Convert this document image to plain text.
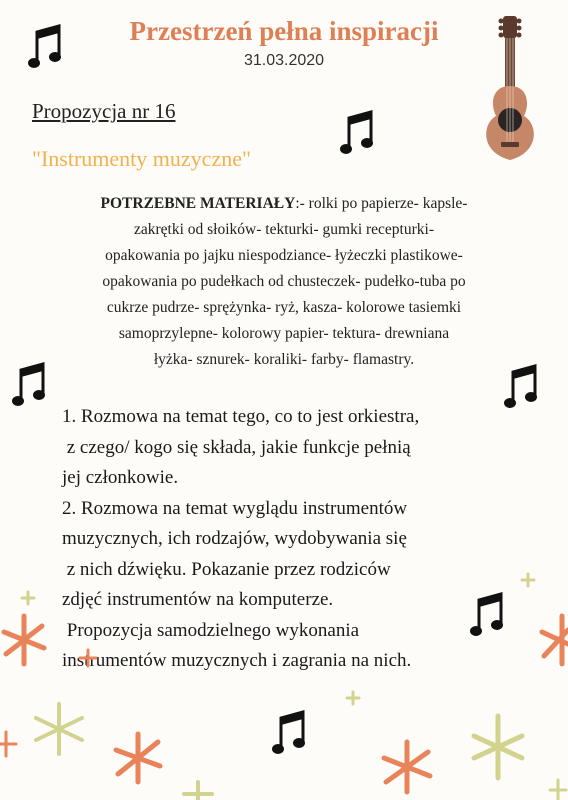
Przestrzeń pełna inspiracji
31.03.2020
Propozycja nr 16
"Instrumenty muzyczne"
POTRZEBNE MATERIAŁY:- rolki po papierze- kapsle-
zakrętki od słoików- tekturki- gumki recepturki-
opakowania po jajku niespodziance- łyżeczki plastikowe-
opakowania po pudełkach od chusteczek- pudełko-tuba po
cukrze pudrze- sprężynka- ryż, kasza- kolorowe tasiemki
samoprzylepne- kolorowy papier- tektura- drewniana
łyżka- sznurek- koraliki- farby- flamastry.
1. Rozmowa na temat tego, co to jest orkiestra,
z czego/ kogo się składa, jakie funkcje pełnią
jej członkowie.
2. Rozmowa na temat wyglądu instrumentów
muzycznych, ich rodzajów, wydobywania się
z nich dźwięku. Pokazanie przez rodziców
zdjęć instrumentów na komputerze.
Propozycja samodzielnego wykonania
instrumentów muzycznych i zagrania na nich.
